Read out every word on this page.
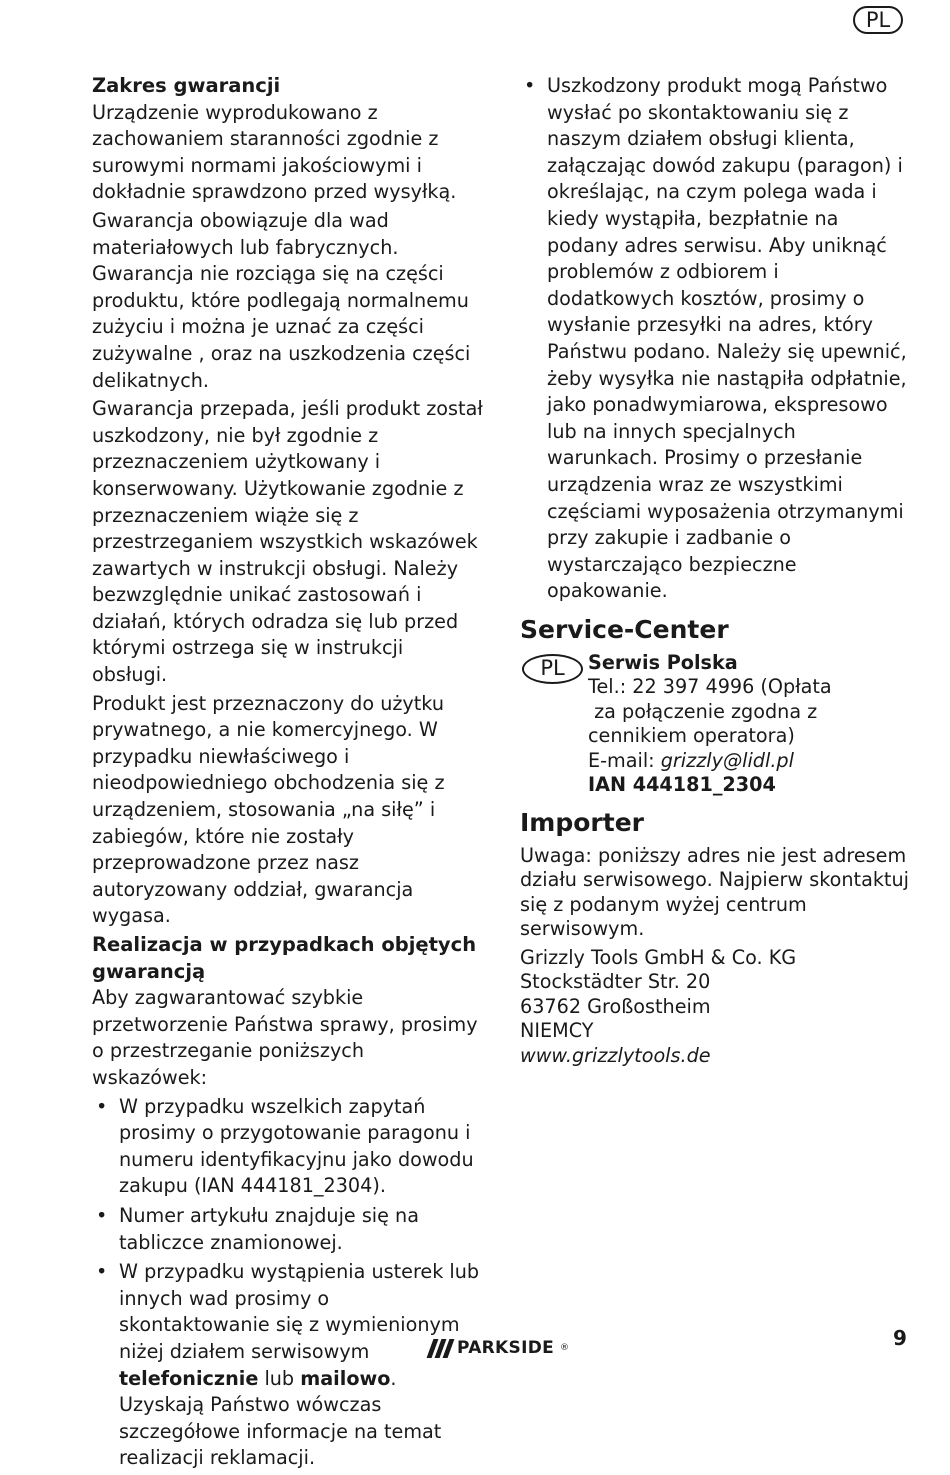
PL
Zakres gwarancji

Urządzenie wyprodukowano z zachowaniem staranności zgodnie z surowymi normami jakościowymi i dokładnie sprawdzono przed wysyłką.

Gwarancja obowiązuje dla wad materiałowych lub fabrycznych. Gwarancja nie rozciąga się na części produktu, które podlegają normalnemu zużyciu i można je uznać za części zużywalne , oraz na uszkodzenia części delikatnych.

Gwarancja przepada, jeśli produkt został uszkodzony, nie był zgodnie z przeznaczeniem użytkowany i konserwowany. Użytkowanie zgodnie z przeznaczeniem wiąże się z przestrzeganiem wszystkich wskazówek zawartych w instrukcji obsługi. Należy bezwzględnie unikać zastosowań i działań, których odradza się lub przed którymi ostrzega się w instrukcji obsługi.

Produkt jest przeznaczony do użytku prywatnego, a nie komercyjnego. W przypadku niewłaściwego i nieodpowiedniego obchodzenia się z urządzeniem, stosowania „na siłę” i zabiegów, które nie zostały przeprowadzone przez nasz autoryzowany oddział, gwarancja wygasa.

Realizacja w przypadkach objętych gwarancją

Aby zagwarantować szybkie przetworzenie Państwa sprawy, prosimy o przestrzeganie poniższych wskazówek:

• W przypadku wszelkich zapytań prosimy o przygotowanie paragonu i numeru identyfikacyjnu jako dowodu zakupu (IAN 444181_2304).
• Numer artykułu znajduje się na tabliczce znamionowej.
• W przypadku wystąpienia usterek lub innych wad prosimy o skontaktowanie się z wymienionym niżej działem serwisowym telefonicznie lub mailowo. Uzyskają Państwo wówczas szczegółowe informacje na temat realizacji reklamacji.
• Uszkodzony produkt mogą Państwo wysłać po skontaktowaniu się z naszym działem obsługi klienta, załączając dowód zakupu (paragon) i określając, na czym polega wada i kiedy wystąpiła, bezpłatnie na podany adres serwisu. Aby uniknąć problemów z odbiorem i dodatkowych kosztów, prosimy o wysłanie przesyłki na adres, który Państwu podano. Należy się upewnić, żeby wysyłka nie nastąpiła odpłatnie, jako ponadwymiarowa, ekspresowo lub na innych specjalnych warunkach. Prosimy o przesłanie urządzenia wraz ze wszystkimi częściami wyposażenia otrzymanymi przy zakupie i zadbanie o wystarczająco bezpieczne opakowanie.
Service-Center
PL	Serwis Polska
Tel.: 22 397 4996 (Opłata
za połączenie zgodna z cennikiem operatora)
E-mail: grizzly@lidl.pl
IAN 444181_2304
Importer

Uwaga: poniższy adres nie jest adresem działu serwisowego. Najpierw skontaktuj się z podanym wyżej centrum serwisowym.

Grizzly Tools GmbH & Co. KG

Stockstädter Str. 20

63762 Großostheim

NIEMCY

www.grizzlytools.de

PARKSIDE ®	9
